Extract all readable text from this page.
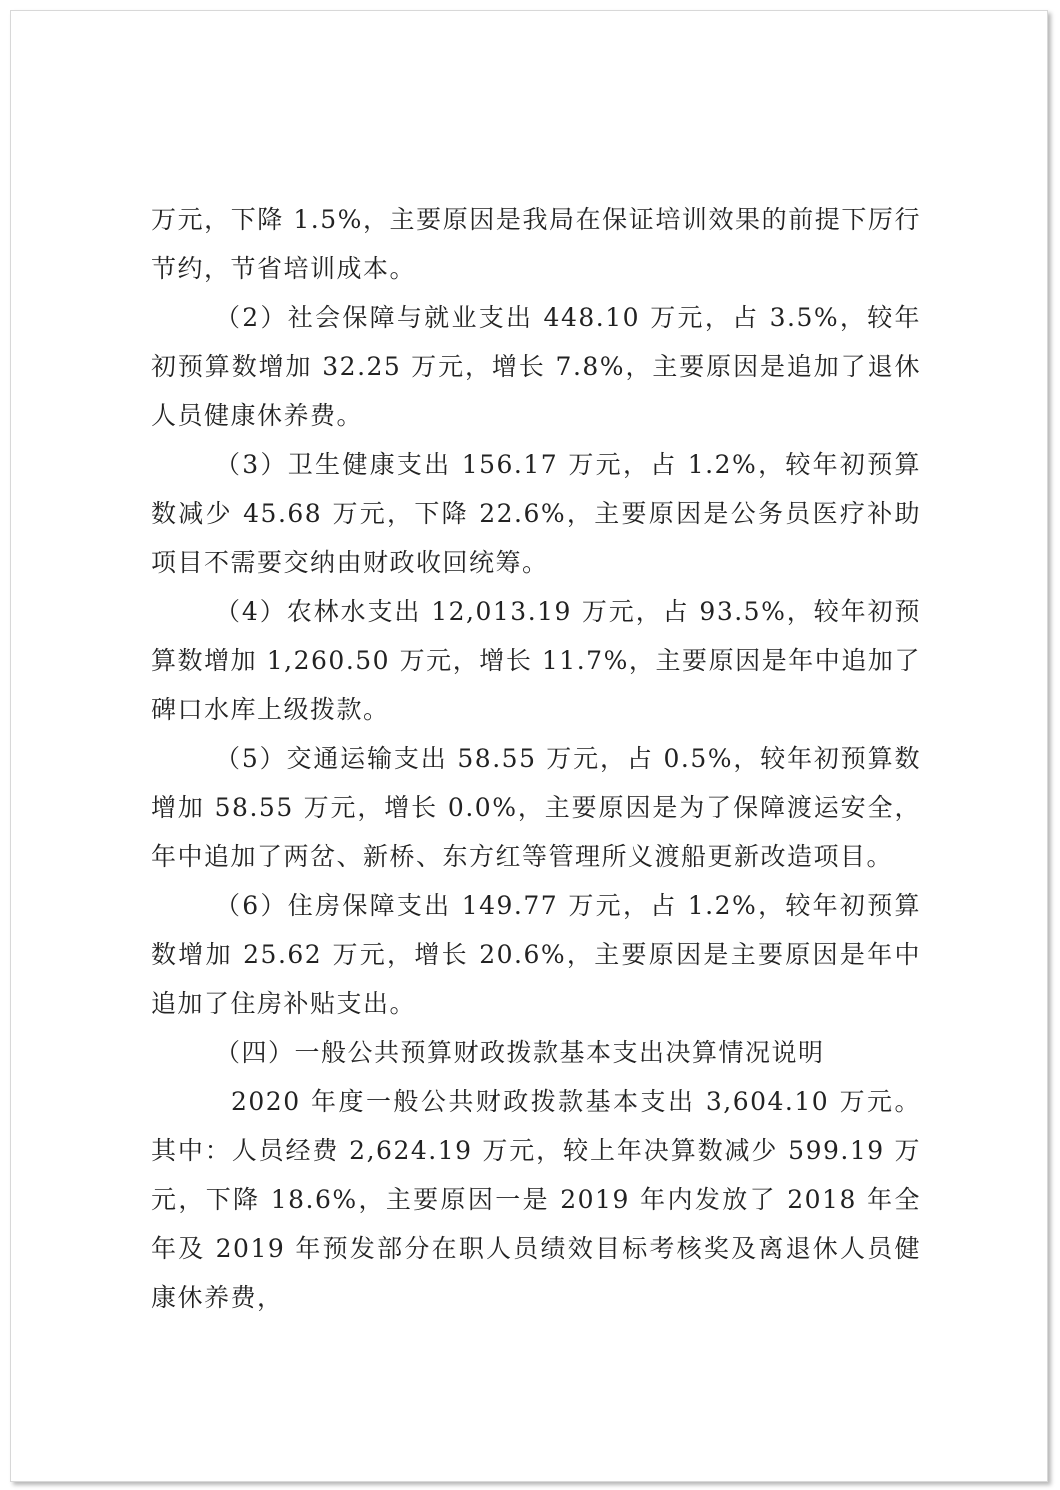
万元，下降 1.5%，主要原因是我局在保证培训效果的前提下厉行节约，节省培训成本。

（2）社会保障与就业支出 448.10 万元，占 3.5%，较年初预算数增加 32.25 万元，增长 7.8%，主要原因是追加了退休人员健康休养费。

（3）卫生健康支出 156.17 万元，占 1.2%，较年初预算数减少 45.68 万元，下降 22.6%，主要原因是公务员医疗补助项目不需要交纳由财政收回统筹。

（4）农林水支出 12,013.19 万元，占 93.5%，较年初预算数增加 1,260.50 万元，增长 11.7%，主要原因是年中追加了碑口水库上级拨款。

（5）交通运输支出 58.55 万元，占 0.5%，较年初预算数增加 58.55 万元，增长 0.0%，主要原因是为了保障渡运安全，年中追加了两岔、新桥、东方红等管理所义渡船更新改造项目。

（6）住房保障支出 149.77 万元，占 1.2%，较年初预算数增加 25.62 万元，增长 20.6%，主要原因是主要原因是年中追加了住房补贴支出。

（四）一般公共预算财政拨款基本支出决算情况说明

2020 年度一般公共财政拨款基本支出 3,604.10 万元。其中：人员经费 2,624.19 万元，较上年决算数减少 599.19 万元，下降 18.6%，主要原因一是 2019 年内发放了 2018 年全年及 2019 年预发部分在职人员绩效目标考核奖及离退休人员健康休养费，
